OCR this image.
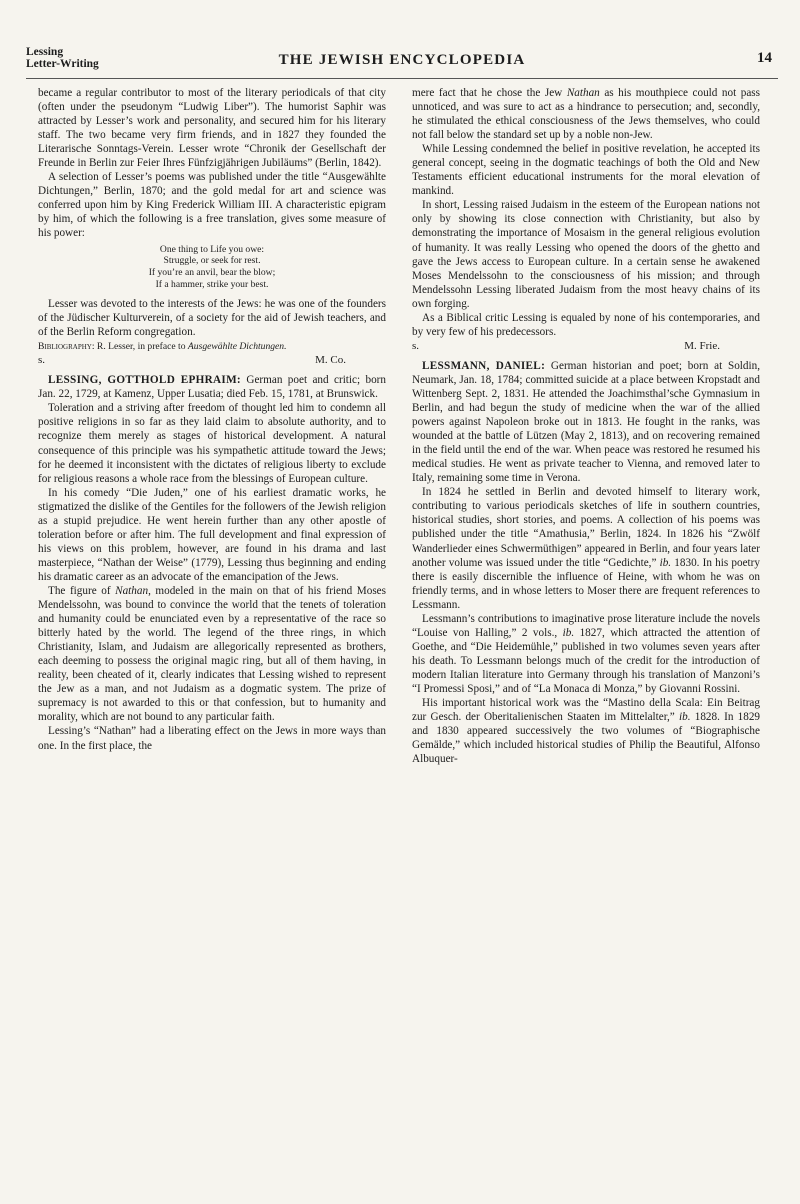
Lessing
Letter-Writing	THE JEWISH ENCYCLOPEDIA	14

became a regular contributor to most of the literary periodicals of that city (often under the pseudonym “Ludwig Liber”). The humorist Saphir was attracted by Lesser’s work and personality, and secured him for his literary staff. The two became very firm friends, and in 1827 they founded the Literarische Sonntags-Verein. Lesser wrote “Chronik der Gesellschaft der Freunde in Berlin zur Feier Ihres Fünfzigjährigen Jubiläums” (Berlin, 1842).

A selection of Lesser’s poems was published under the title “Ausgewählte Dichtungen,” Berlin, 1870; and the gold medal for art and science was conferred upon him by King Frederick William III. A characteristic epigram by him, of which the following is a free translation, gives some measure of his power:

One thing to Life you owe:
Struggle, or seek for rest.
If you’re an anvil, bear the blow;
If a hammer, strike your best.

Lesser was devoted to the interests of the Jews: he was one of the founders of the Jüdischer Kulturverein, of a society for the aid of Jewish teachers, and of the Berlin Reform congregation.

Bibliography: R. Lesser, in preface to Ausgewählte Dichtungen.

s.	M. Co.

LESSING, GOTTHOLD EPHRAIM: German poet and critic; born Jan. 22, 1729, at Kamenz, Upper Lusatia; died Feb. 15, 1781, at Brunswick.

Toleration and a striving after freedom of thought led him to condemn all positive religions in so far as they laid claim to absolute authority, and to recognize them merely as stages of historical development. A natural consequence of this principle was his sympathetic attitude toward the Jews; for he deemed it inconsistent with the dictates of religious liberty to exclude for religious reasons a whole race from the blessings of European culture.

In his comedy “Die Juden,” one of his earliest dramatic works, he stigmatized the dislike of the Gentiles for the followers of the Jewish religion as a stupid prejudice. He went herein further than any other apostle of toleration before or after him. The full development and final expression of his views on this problem, however, are found in his drama and last masterpiece, “Nathan der Weise” (1779), Lessing thus beginning and ending his dramatic career as an advocate of the emancipation of the Jews.

The figure of Nathan, modeled in the main on that of his friend Moses Mendelssohn, was bound to convince the world that the tenets of toleration and humanity could be enunciated even by a representative of the race so bitterly hated by the world. The legend of the three rings, in which Christianity, Islam, and Judaism are allegorically represented as brothers, each deeming to possess the original magic ring, but all of them having, in reality, been cheated of it, clearly indicates that Lessing wished to represent the Jew as a man, and not Judaism as a dogmatic system. The prize of supremacy is not awarded to this or that confession, but to humanity and morality, which are not bound to any particular faith.

Lessing’s “Nathan” had a liberating effect on the Jews in more ways than one. In the first place, the

mere fact that he chose the Jew Nathan as his mouthpiece could not pass unnoticed, and was sure to act as a hindrance to persecution; and, secondly, he stimulated the ethical consciousness of the Jews themselves, who could not fall below the standard set up by a noble non-Jew.

While Lessing condemned the belief in positive revelation, he accepted its general concept, seeing in the dogmatic teachings of both the Old and New Testaments efficient educational instruments for the moral elevation of mankind.

In short, Lessing raised Judaism in the esteem of the European nations not only by showing its close connection with Christianity, but also by demonstrating the importance of Mosaism in the general religious evolution of humanity. It was really Lessing who opened the doors of the ghetto and gave the Jews access to European culture. In a certain sense he awakened Moses Mendelssohn to the consciousness of his mission; and through Mendelssohn Lessing liberated Judaism from the most heavy chains of its own forging.

As a Biblical critic Lessing is equaled by none of his contemporaries, and by very few of his predecessors.

s.	M. Frie.

LESSMANN, DANIEL: German historian and poet; born at Soldin, Neumark, Jan. 18, 1784; committed suicide at a place between Kropstadt and Wittenberg Sept. 2, 1831. He attended the Joachimsthal’sche Gymnasium in Berlin, and had begun the study of medicine when the war of the allied powers against Napoleon broke out in 1813. He fought in the ranks, was wounded at the battle of Lützen (May 2, 1813), and on recovering remained in the field until the end of the war. When peace was restored he resumed his medical studies. He went as private teacher to Vienna, and removed later to Italy, remaining some time in Verona.

In 1824 he settled in Berlin and devoted himself to literary work, contributing to various periodicals sketches of life in southern countries, historical studies, short stories, and poems. A collection of his poems was published under the title “Amathusia,” Berlin, 1824. In 1826 his “Zwölf Wanderlieder eines Schwermüthigen” appeared in Berlin, and four years later another volume was issued under the title “Gedichte,” ib. 1830. In his poetry there is easily discernible the influence of Heine, with whom he was on friendly terms, and in whose letters to Moser there are frequent references to Lessmann.

Lessmann’s contributions to imaginative prose literature include the novels “Louise von Halling,” 2 vols., ib. 1827, which attracted the attention of Goethe, and “Die Heidemühle,” published in two volumes seven years after his death. To Lessmann belongs much of the credit for the introduction of modern Italian literature into Germany through his translation of Manzoni’s “I Promessi Sposi,” and of “La Monaca di Monza,” by Giovanni Rossini.

His important historical work was the “Mastino della Scala: Ein Beitrag zur Gesch. der Oberitalienischen Staaten im Mittelalter,” ib. 1828. In 1829 and 1830 appeared successively the two volumes of “Biographische Gemälde,” which included historical studies of Philip the Beautiful, Alfonso Albuquer-
